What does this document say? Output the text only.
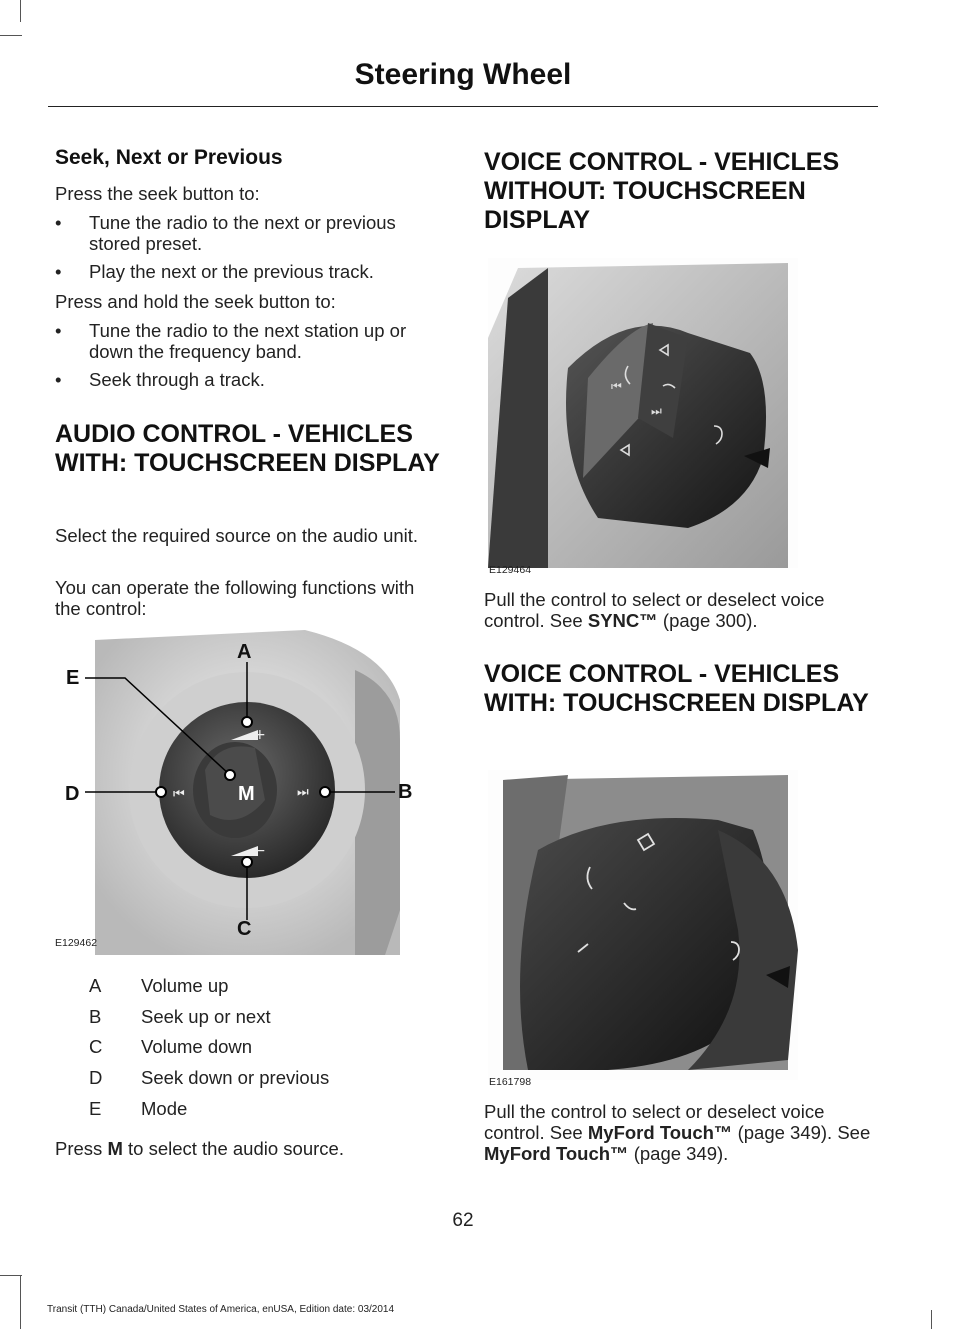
Steering Wheel
Seek, Next or Previous
Press the seek button to:
• Tune the radio to the next or previous stored preset.
• Play the next or the previous track.
Press and hold the seek button to:
• Tune the radio to the next station up or down the frequency band.
• Seek through a track.
AUDIO CONTROL - VEHICLES WITH: TOUCHSCREEN DISPLAY
Select the required source on the audio unit.
You can operate the following functions with the control:
M
+
−
⏮	⏭
A
B
C
D
E
E129462
A Volume up
B Seek up or next
C Volume down
D Seek down or previous
E Mode
Press M to select the audio source.
VOICE CONTROL - VEHICLES WITHOUT: TOUCHSCREEN DISPLAY
⏮
⏭
E129464
Pull the control to select or deselect voice control. See SYNC™ (page 300).
VOICE CONTROL - VEHICLES WITH: TOUCHSCREEN DISPLAY
E161798
Pull the control to select or deselect voice control. See MyFord Touch™ (page 349). See MyFord Touch™ (page 349).
62
Transit (TTH) Canada/United States of America, enUSA, Edition date: 03/2014
